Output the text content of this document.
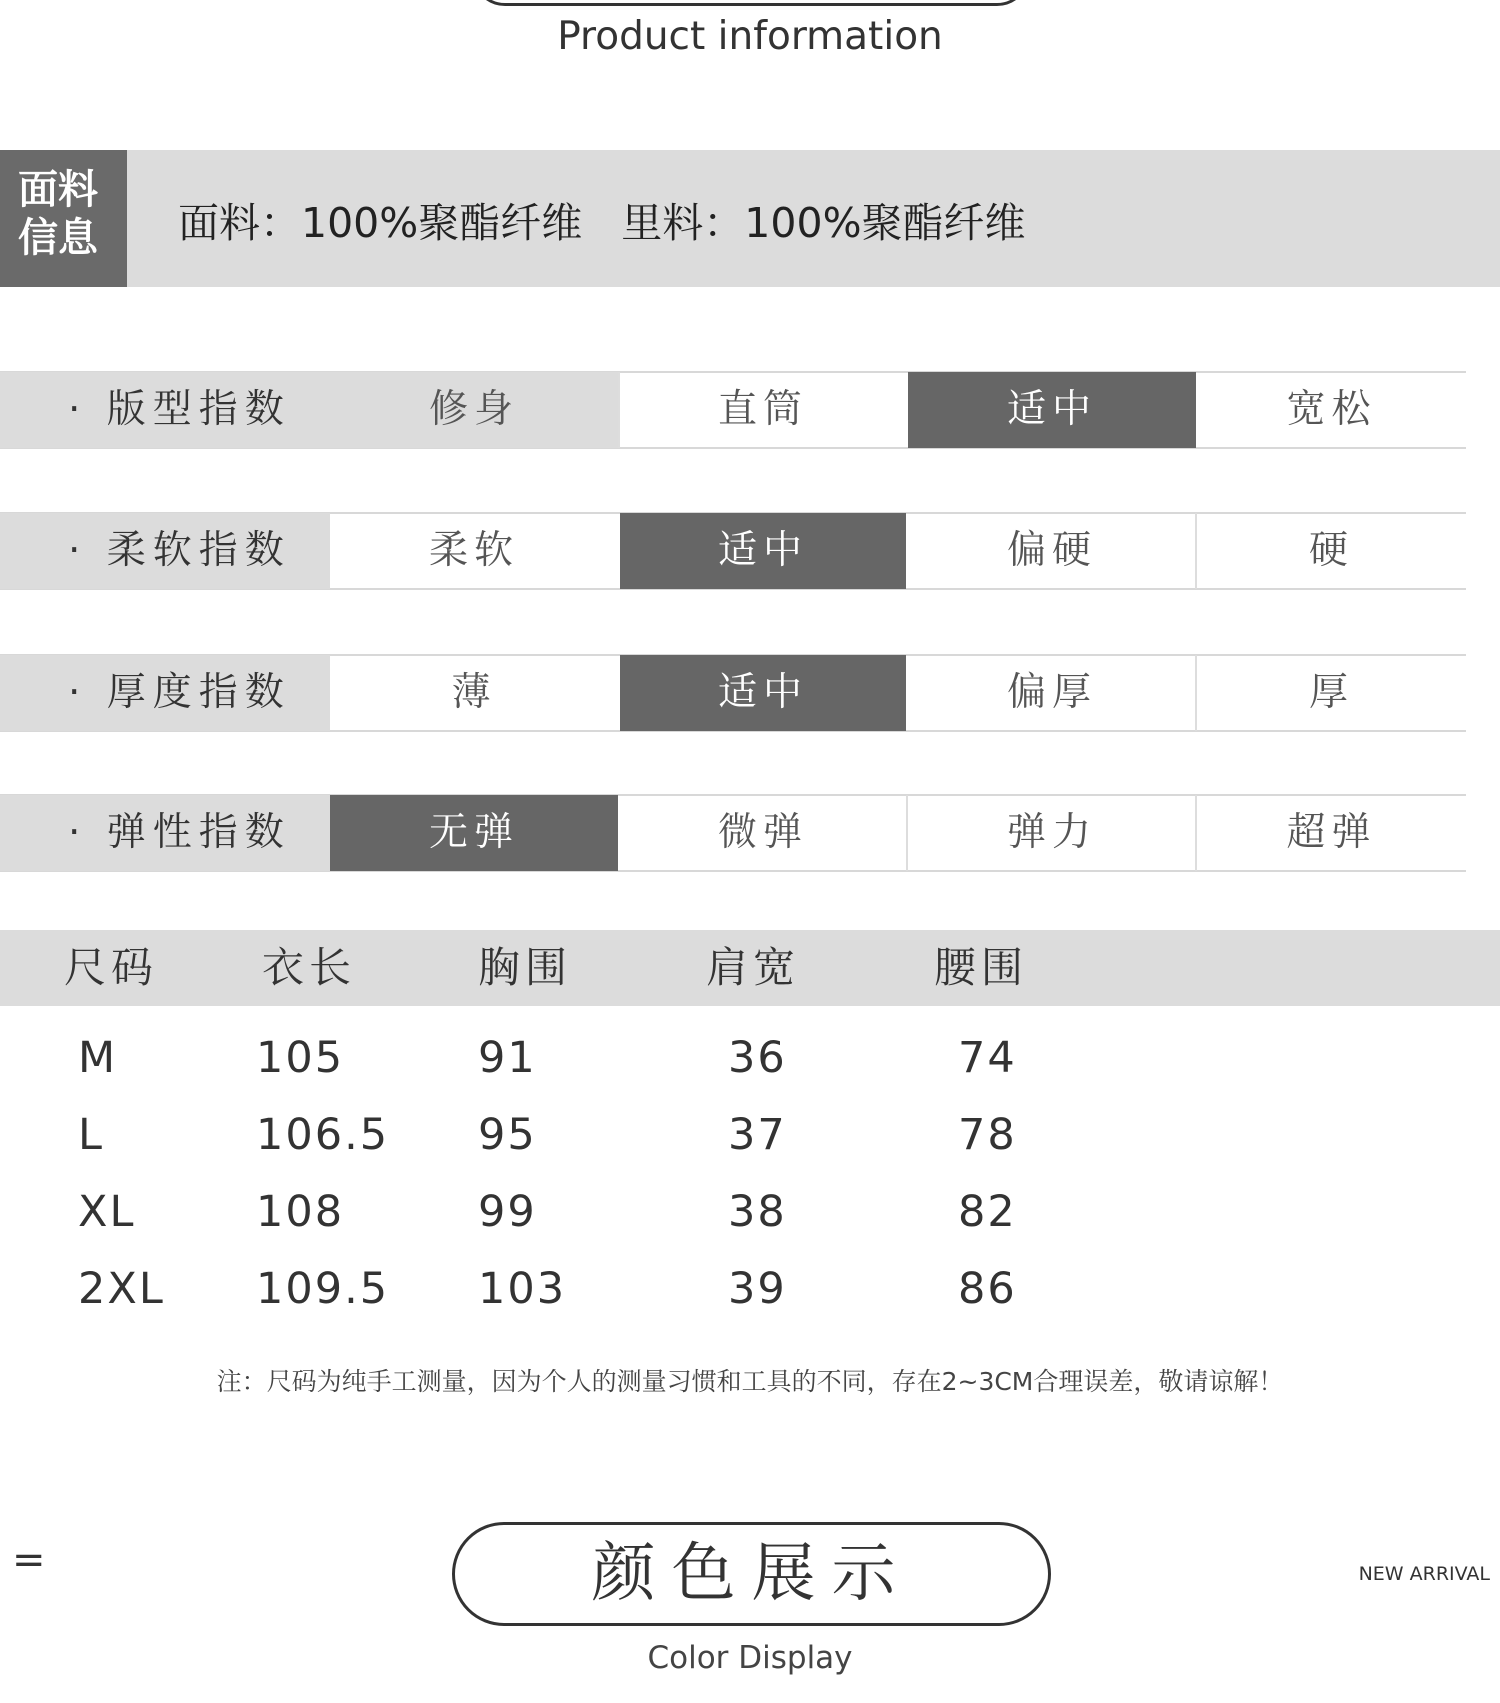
Product information
面料
信息	面料：100%聚酯纤维   里料：100%聚酯纤维
· 版型指数	修身	直筒	适中	宽松
· 柔软指数	柔软	适中	偏硬	硬
· 厚度指数	薄	适中	偏厚	厚
· 弹性指数	无弹	微弹	弹力	超弹
尺码 衣长	胸围	肩宽	腰围
M	105	91	36	74
L	106.5 95	37	78
XL	108	99	38	82
2XL 109.5 103	39	86
注：尺码为纯手工测量，因为个人的测量习惯和工具的不同，存在2~3CM合理误差，敬请谅解！
=	颜色展示
Color Display
NEW ARRIVAL
